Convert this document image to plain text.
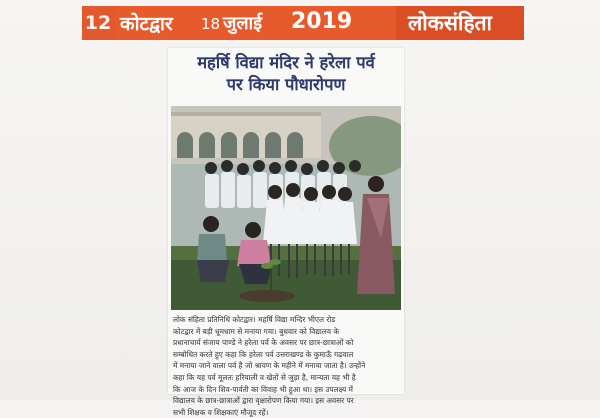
12 कोटद्वार 18 जुलाई 2019	लोकसंहिता
महर्षि विद्या मंदिर ने हरेला पर्व
पर किया पौधारोपण

लोक संहिता प्रतिनिधि कोटद्वार। महर्षि विद्या मन्दिर भीएल रोड

कोटद्वार में बड़ी धूमधाम से मनाया गया। बुधवार को विद्यालय के

प्रधानाचार्य संजाय पाण्डे ने हरेला पर्व के अवसर पर छात्र-छात्राओं को

सम्बोधित करते हुए कहा कि हरेला पर्व उत्तराखण्ड के कुमाऊँ गढ़वाल

में मनाया जाने वाला पर्व है जो श्रावण के महीने में मनाया जाता है। उन्होंने

कहा कि यह पर्व मूलतः हरियाली व खेतों से जुड़ा है, मान्यता यह भी है

कि आज के दिन शिव-पार्वती का विवाह भी हुआ था। इस उपलक्ष्य में

विद्यालय के छात्र-छात्राओं द्वारा वृक्षारोपण किया गया। इस अवसर पर

सभी शिक्षक व शिक्षकाएं मौजूद रहें।
